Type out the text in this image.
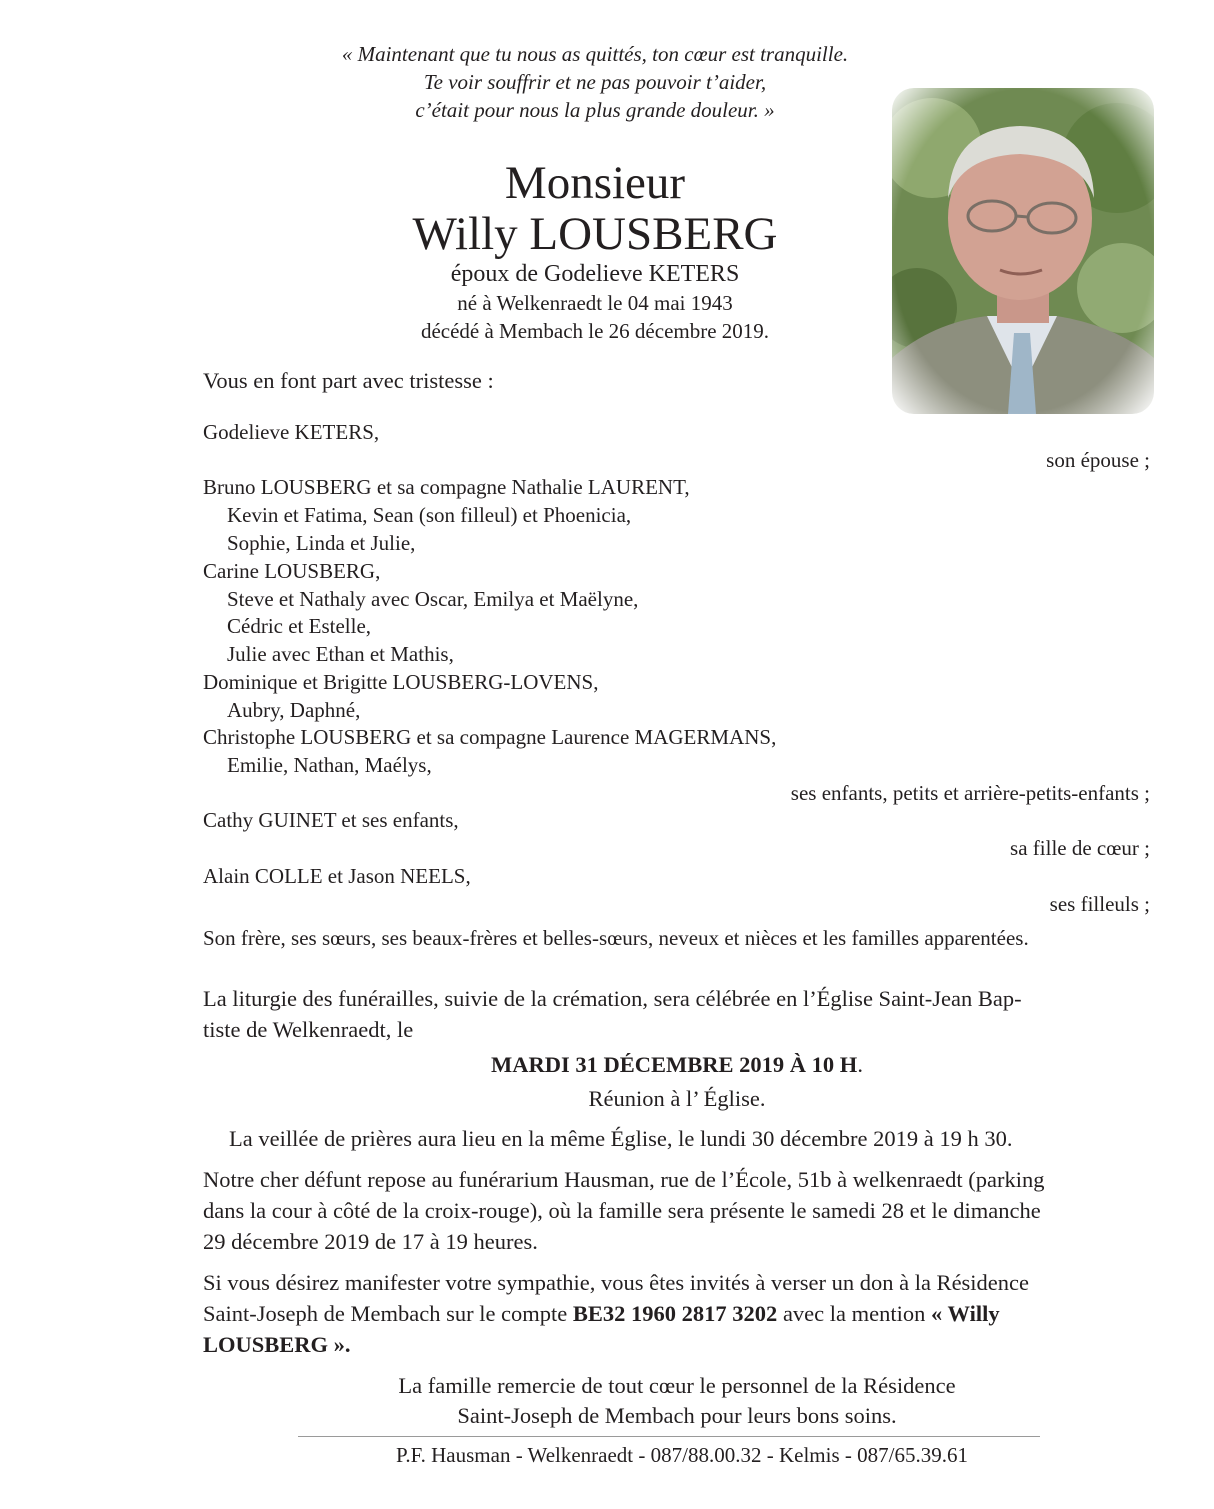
« Maintenant que tu nous as quittés, ton cœur est tranquille.
Te voir souffrir et ne pas pouvoir t’aider,
c’était pour nous la plus grande douleur. »
Monsieur
Willy LOUSBERG
époux de Godelieve KETERS
né à Welkenraedt le 04 mai 1943
décédé à Membach le 26 décembre 2019.
Vous en font part avec tristesse :
Godelieve KETERS,
son épouse ;
Bruno LOUSBERG et sa compagne Nathalie LAURENT,
Kevin et Fatima, Sean (son filleul) et Phoenicia,
Sophie, Linda et Julie,
Carine LOUSBERG,
Steve et Nathaly avec Oscar, Emilya et Maëlyne,
Cédric et Estelle,
Julie avec Ethan et Mathis,
Dominique et Brigitte LOUSBERG-LOVENS,
Aubry, Daphné,
Christophe LOUSBERG et sa compagne Laurence MAGERMANS,
Emilie, Nathan, Maélys,
ses enfants, petits et arrière-petits-enfants ;
Cathy GUINET et ses enfants,
sa fille de cœur ;
Alain COLLE et Jason NEELS,
ses filleuls ;
Son frère, ses sœurs, ses beaux-frères et belles-sœurs, neveux et nièces et les familles apparentées.
La liturgie des funérailles, suivie de la crémation, sera célébrée en l’Église Saint-Jean Bap-
tiste de Welkenraedt, le
MARDI 31 DÉCEMBRE 2019 À 10 H.
Réunion à l’ Église.
La veillée de prières aura lieu en la même Église, le lundi 30 décembre 2019 à 19 h 30.
Notre cher défunt repose au funérarium Hausman, rue de l’École, 51b à welkenraedt (parking
dans la cour à côté de la croix-rouge), où la famille sera présente le samedi 28 et le dimanche
29 décembre 2019 de 17 à 19 heures.
Si vous désirez manifester votre sympathie, vous êtes invités à verser un don à la Résidence
Saint-Joseph de Membach sur le compte BE32 1960 2817 3202 avec la mention « Willy
LOUSBERG ».
La famille remercie de tout cœur le personnel de la Résidence
Saint-Joseph de Membach pour leurs bons soins.
P.F. Hausman - Welkenraedt - 087/88.00.32 - Kelmis - 087/65.39.61
